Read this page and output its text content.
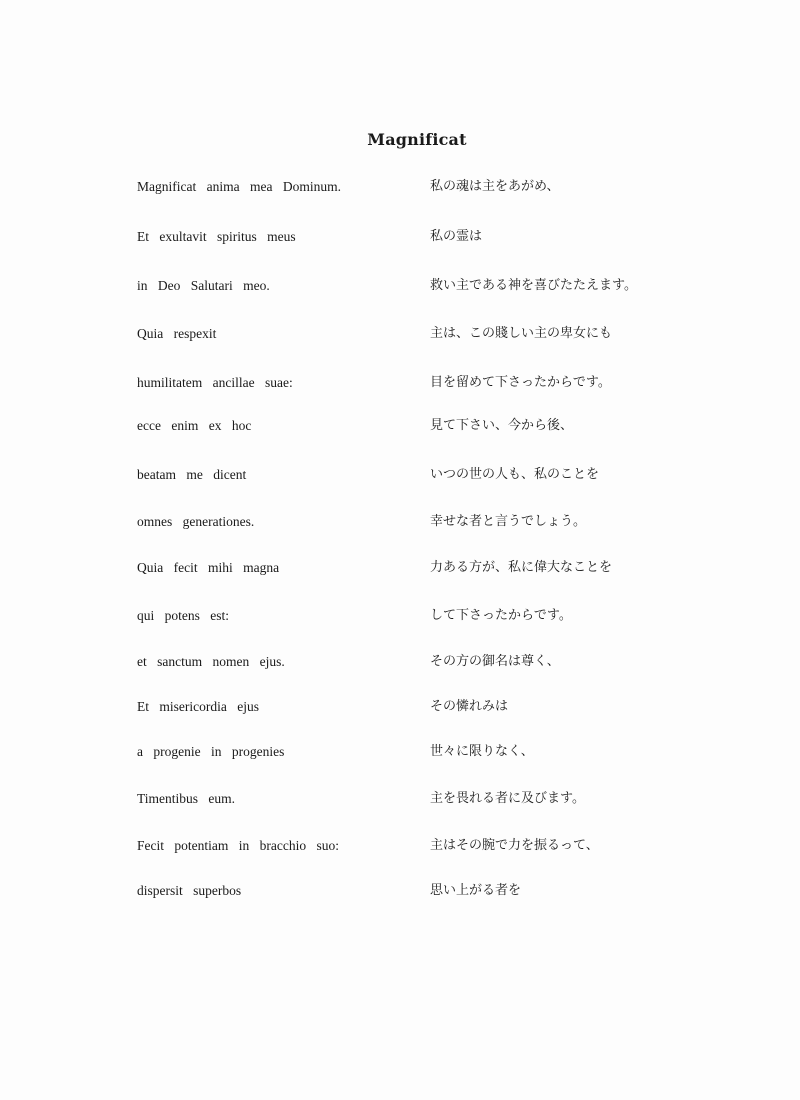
Magnificat
Magnificat anima mea Dominum.	私の魂は主をあがめ、
Et exultavit spiritus meus	私の霊は
in Deo Salutari meo.	救い主である神を喜びたたえます。
Quia respexit	主は、この賤しい主の卑女にも
humilitatem ancillae suae:	目を留めて下さったからです。
ecce enim ex hoc	見て下さい、今から後、
beatam me dicent	いつの世の人も、私のことを
omnes generationes.	幸せな者と言うでしょう。
Quia fecit mihi magna	力ある方が、私に偉大なことを
qui potens est:	して下さったからです。
et sanctum nomen ejus.	その方の御名は尊く、
Et misericordia ejus	その憐れみは
a progenie in progenies	世々に限りなく、
Timentibus eum.	主を畏れる者に及びます。
Fecit potentiam in bracchio suo:	主はその腕で力を振るって、
dispersit superbos	思い上がる者を
